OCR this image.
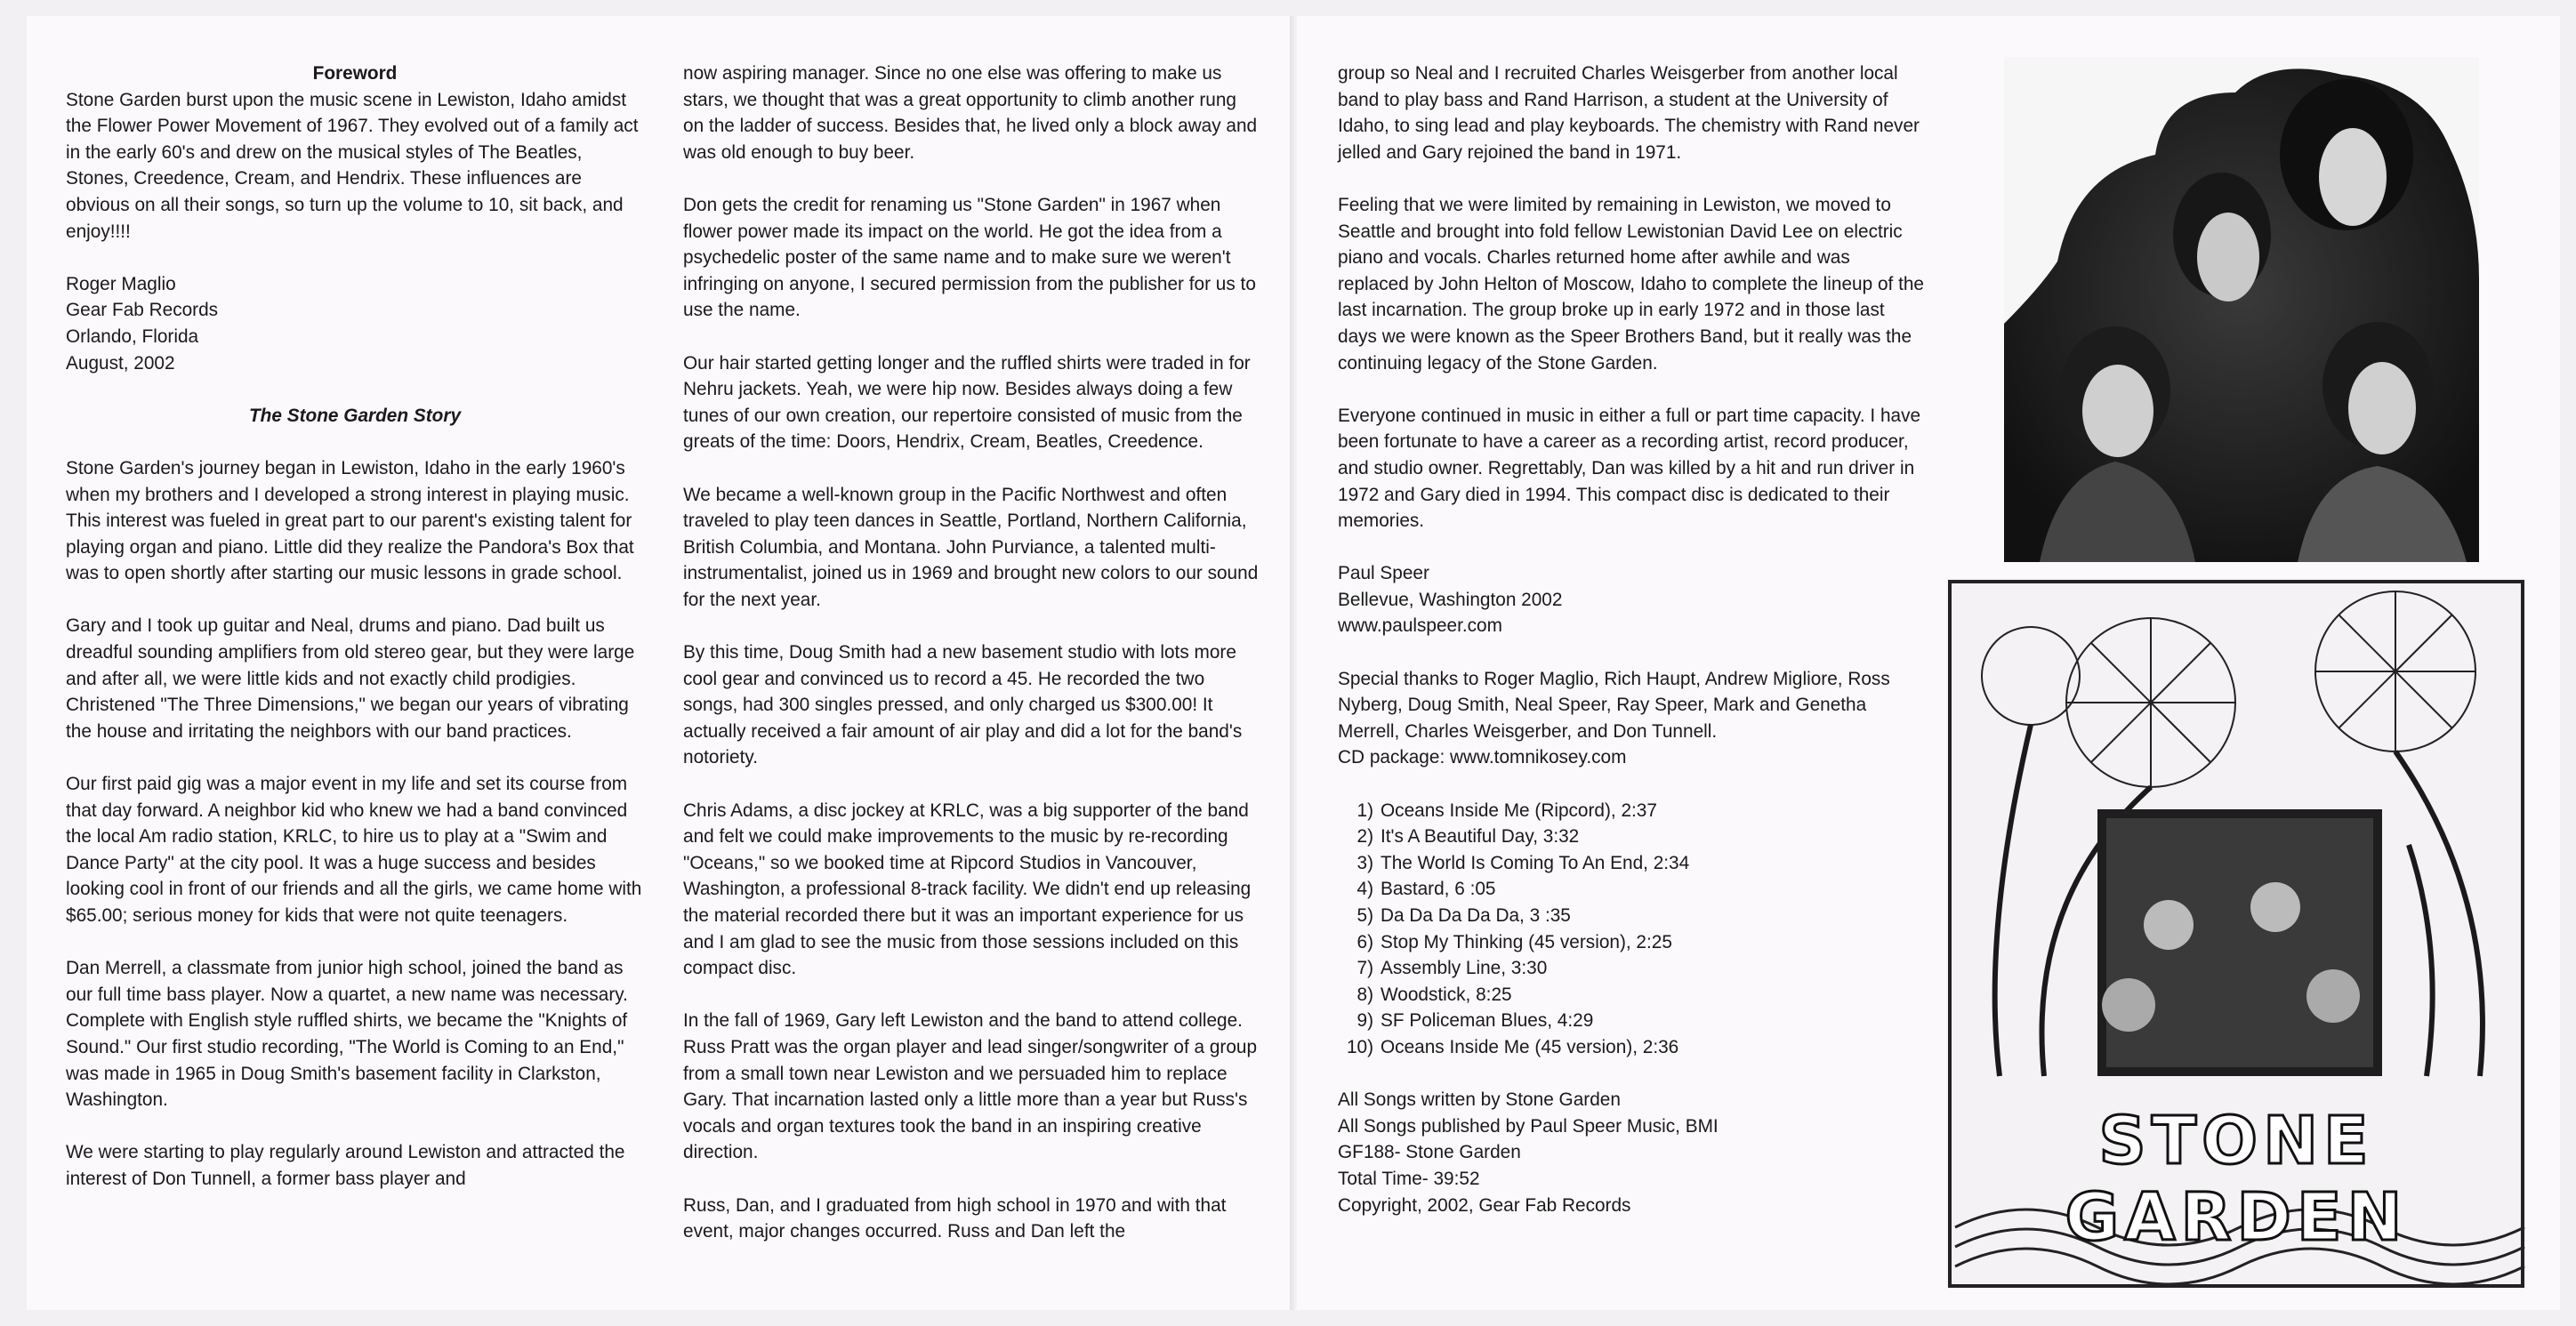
Foreword

Stone Garden burst upon the music scene in Lewiston, Idaho amidst the Flower Power Movement of 1967. They evolved out of a family act in the early 60's and drew on the musical styles of The Beatles, Stones, Creedence, Cream, and Hendrix. These influences are obvious on all their songs, so turn up the volume to 10, sit back, and enjoy!!!!

Roger Maglio
Gear Fab Records
Orlando, Florida
August, 2002

The Stone Garden Story

Stone Garden's journey began in Lewiston, Idaho in the early 1960's when my brothers and I developed a strong interest in playing music. This interest was fueled in great part to our parent's existing talent for playing organ and piano. Little did they realize the Pandora's Box that was to open shortly after starting our music lessons in grade school.

Gary and I took up guitar and Neal, drums and piano. Dad built us dreadful sounding amplifiers from old stereo gear, but they were large and after all, we were little kids and not exactly child prodigies. Christened "The Three Dimensions," we began our years of vibrating the house and irritating the neighbors with our band practices.

Our first paid gig was a major event in my life and set its course from that day forward. A neighbor kid who knew we had a band convinced the local Am radio station, KRLC, to hire us to play at a "Swim and Dance Party" at the city pool. It was a huge success and besides looking cool in front of our friends and all the girls, we came home with $65.00; serious money for kids that were not quite teenagers.

Dan Merrell, a classmate from junior high school, joined the band as our full time bass player. Now a quartet, a new name was necessary. Complete with English style ruffled shirts, we became the "Knights of Sound." Our first studio recording, "The World is Coming to an End," was made in 1965 in Doug Smith's basement facility in Clarkston, Washington.

We were starting to play regularly around Lewiston and attracted the interest of Don Tunnell, a former bass player and

now aspiring manager. Since no one else was offering to make us stars, we thought that was a great opportunity to climb another rung on the ladder of success. Besides that, he lived only a block away and was old enough to buy beer.

Don gets the credit for renaming us "Stone Garden" in 1967 when flower power made its impact on the world. He got the idea from a psychedelic poster of the same name and to make sure we weren't infringing on anyone, I secured permission from the publisher for us to use the name.

Our hair started getting longer and the ruffled shirts were traded in for Nehru jackets. Yeah, we were hip now. Besides always doing a few tunes of our own creation, our repertoire consisted of music from the greats of the time: Doors, Hendrix, Cream, Beatles, Creedence.

We became a well-known group in the Pacific Northwest and often traveled to play teen dances in Seattle, Portland, Northern California, British Columbia, and Montana. John Purviance, a talented multi-instrumentalist, joined us in 1969 and brought new colors to our sound for the next year.

By this time, Doug Smith had a new basement studio with lots more cool gear and convinced us to record a 45. He recorded the two songs, had 300 singles pressed, and only charged us $300.00! It actually received a fair amount of air play and did a lot for the band's notoriety.

Chris Adams, a disc jockey at KRLC, was a big supporter of the band and felt we could make improvements to the music by re-recording "Oceans," so we booked time at Ripcord Studios in Vancouver, Washington, a professional 8-track facility. We didn't end up releasing the material recorded there but it was an important experience for us and I am glad to see the music from those sessions included on this compact disc.

In the fall of 1969, Gary left Lewiston and the band to attend college. Russ Pratt was the organ player and lead singer/songwriter of a group from a small town near Lewiston and we persuaded him to replace Gary. That incarnation lasted only a little more than a year but Russ's vocals and organ textures took the band in an inspiring creative direction.

Russ, Dan, and I graduated from high school in 1970 and with that event, major changes occurred. Russ and Dan left the

group so Neal and I recruited Charles Weisgerber from another local band to play bass and Rand Harrison, a student at the University of Idaho, to sing lead and play keyboards. The chemistry with Rand never jelled and Gary rejoined the band in 1971.

Feeling that we were limited by remaining in Lewiston, we moved to Seattle and brought into fold fellow Lewistonian David Lee on electric piano and vocals. Charles returned home after awhile and was replaced by John Helton of Moscow, Idaho to complete the lineup of the last incarnation. The group broke up in early 1972 and in those last days we were known as the Speer Brothers Band, but it really was the continuing legacy of the Stone Garden.

Everyone continued in music in either a full or part time capacity. I have been fortunate to have a career as a recording artist, record producer, and studio owner. Regrettably, Dan was killed by a hit and run driver in 1972 and Gary died in 1994. This compact disc is dedicated to their memories.

Paul Speer
Bellevue, Washington 2002
www.paulspeer.com

Special thanks to Roger Maglio, Rich Haupt, Andrew Migliore, Ross Nyberg, Doug Smith, Neal Speer, Ray Speer, Mark and Genetha Merrell, Charles Weisgerber, and Don Tunnell.
CD package: www.tomnikosey.com

1) Oceans Inside Me (Ripcord), 2:37
2) It's A Beautiful Day, 3:32
3) The World Is Coming To An End, 2:34
4) Bastard, 6 :05
5) Da Da Da Da Da, 3 :35
6) Stop My Thinking (45 version), 2:25
7) Assembly Line, 3:30
8) Woodstick, 8:25
9) SF Policeman Blues, 4:29
10) Oceans Inside Me (45 version), 2:36

All Songs written by Stone Garden
All Songs published by Paul Speer Music, BMI
GF188- Stone Garden
Total Time- 39:52
Copyright, 2002, Gear Fab Records

STONE GARDEN
